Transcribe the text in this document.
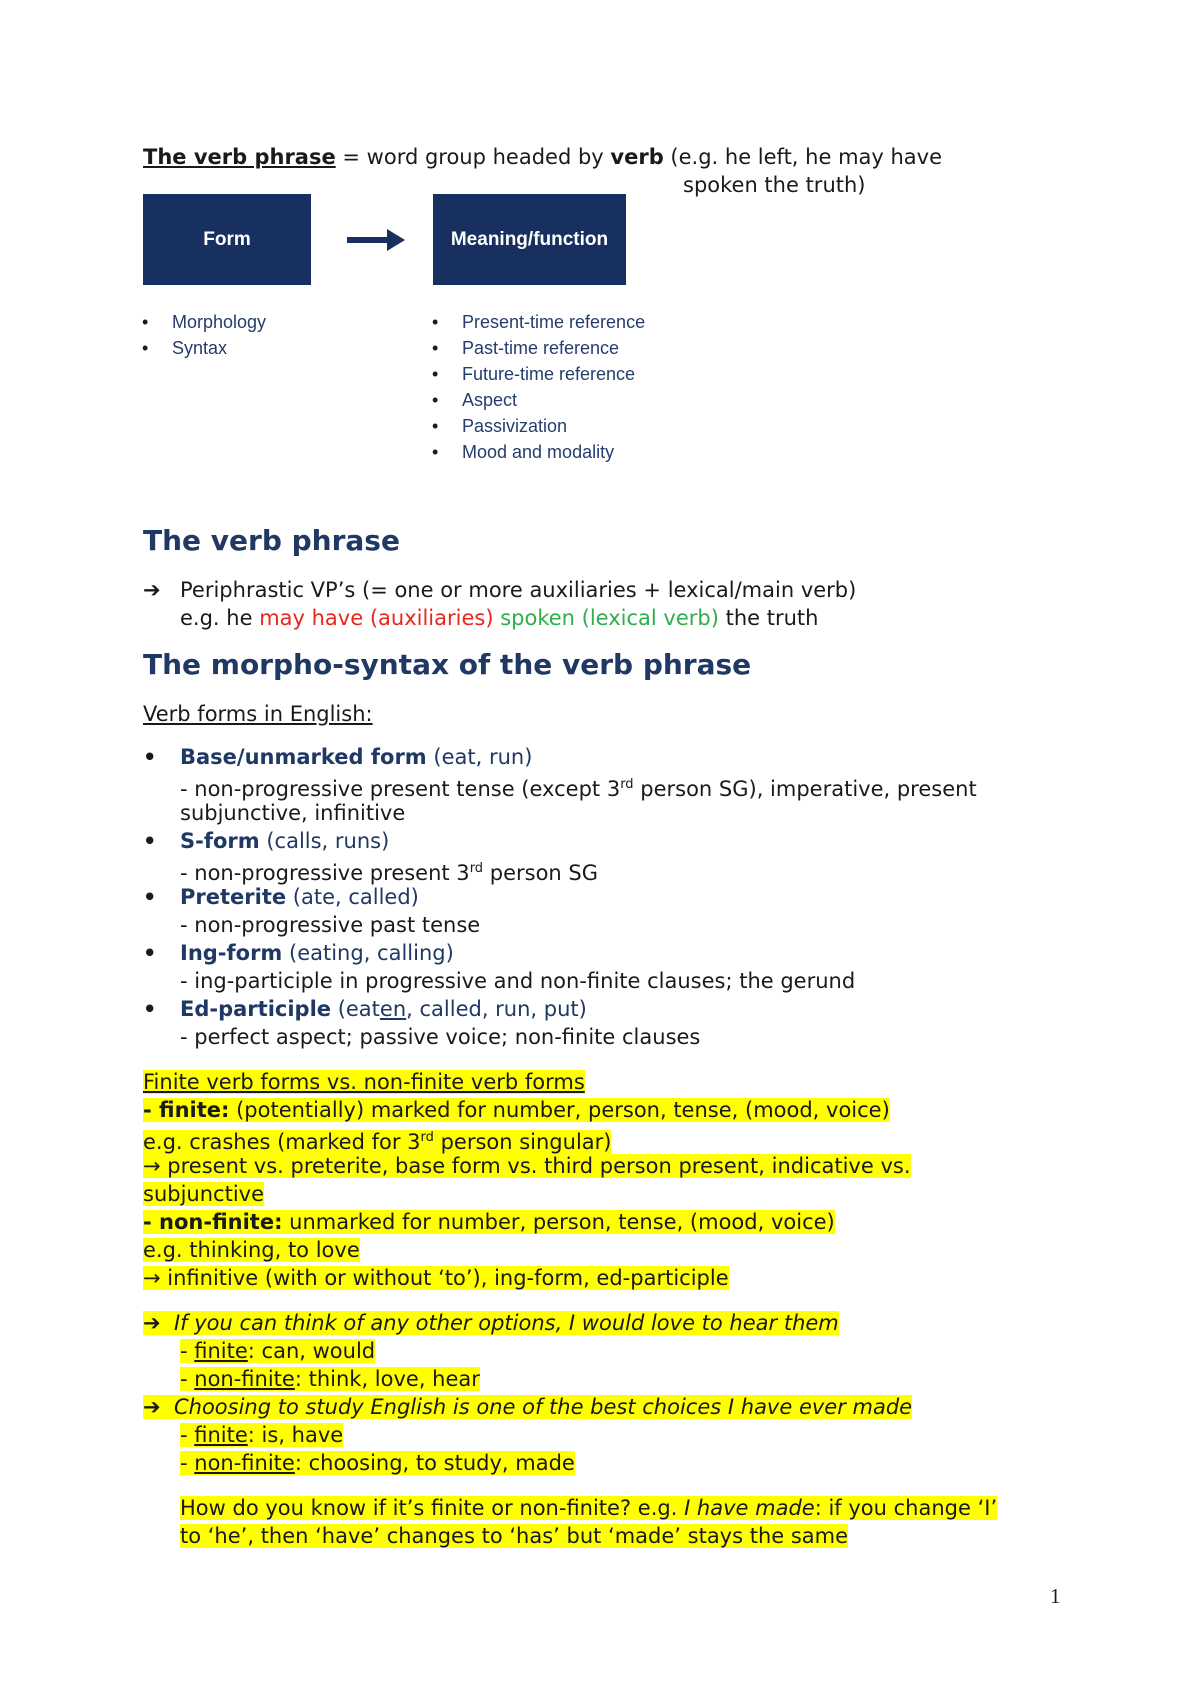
The verb phrase = word group headed by verb (e.g. he left, he may have
spoken the truth)
Form	Meaning/function
• Morphology
• Syntax
• Present-time reference
• Past-time reference
• Future-time reference
• Aspect
• Passivization
• Mood and modality
The verb phrase
➔ Periphrastic VP’s (= one or more auxiliaries + lexical/main verb)
e.g. he may have (auxiliaries) spoken (lexical verb) the truth
The morpho-syntax of the verb phrase
Verb forms in English:
•	Base/unmarked form (eat, run)
- non-progressive present tense (except 3rd person SG), imperative, present
subjunctive, infinitive
•	S-form (calls, runs)
- non-progressive present 3rd person SG
•	Preterite (ate, called)
- non-progressive past tense
•	Ing-form (eating, calling)
- ing-participle in progressive and non-finite clauses; the gerund
•	Ed-participle (eaten, called, run, put)
- perfect aspect; passive voice; non-finite clauses
Finite verb forms vs. non-finite verb forms
- finite: (potentially) marked for number, person, tense, (mood, voice)
e.g. crashes (marked for 3rd person singular)
→ present vs. preterite, base form vs. third person present, indicative vs.
subjunctive
- non-finite: unmarked for number, person, tense, (mood, voice)
e.g. thinking, to love
→ infinitive (with or without ‘to’), ing-form, ed-participle
➔ If you can think of any other options, I would love to hear them
- finite: can, would
- non-finite: think, love, hear
➔ Choosing to study English is one of the best choices I have ever made
- finite: is, have
- non-finite: choosing, to study, made
How do you know if it’s finite or non-finite? e.g. I have made: if you change ‘I’
to ‘he’, then ‘have’ changes to ‘has’ but ‘made’ stays the same
1
